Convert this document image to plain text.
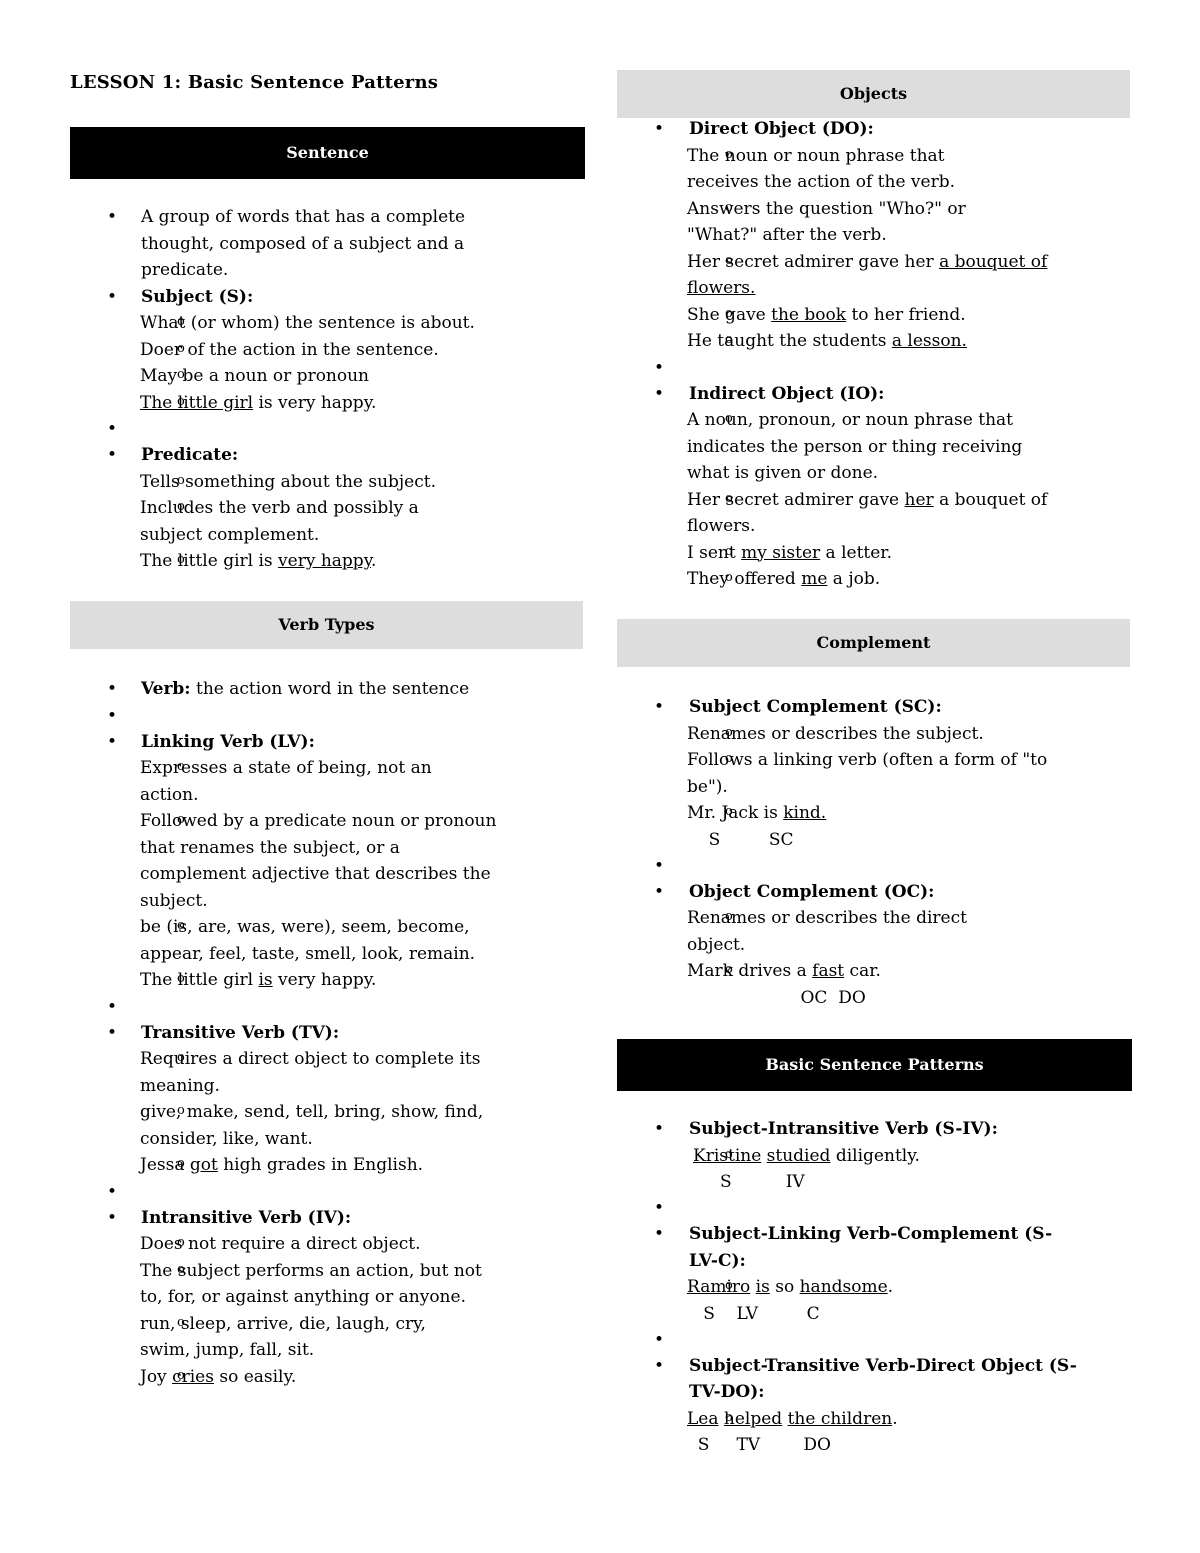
LESSON 1: Basic Sentence Patterns
Sentence
• A group of words that has a complete thought, composed of a subject and a predicate.
• Subject (S):
o What (or whom) the sentence is about.
o Doer of the action in the sentence.
o May be a noun or pronoun
o The little girl is very happy.
•
• Predicate:
o Tells something about the subject.
o Includes the verb and possibly a subject complement.
o The little girl is very happy.
Verb Types
• Verb: the action word in the sentence
•
• Linking Verb (LV):
o Expresses a state of being, not an action.
o Followed by a predicate noun or pronoun that renames the subject, or a complement adjective that describes the subject.
o be (is, are, was, were), seem, become, appear, feel, taste, smell, look, remain.
o The little girl is very happy.
•
• Transitive Verb (TV):
o Requires a direct object to complete its meaning.
o give, make, send, tell, bring, show, find, consider, like, want.
o Jessa got high grades in English.
•
• Intransitive Verb (IV):
o Does not require a direct object.
o The subject performs an action, but not to, for, or against anything or anyone.
o run, sleep, arrive, die, laugh, cry, swim, jump, fall, sit.
o Joy cries so easily.
Objects
• Direct Object (DO):
o The noun or noun phrase that receives the action of the verb.
o Answers the question "Who?" or "What?" after the verb.
o Her secret admirer gave her a bouquet of flowers.
o She gave the book to her friend.
o He taught the students a lesson.
•
• Indirect Object (IO):
o A noun, pronoun, or noun phrase that indicates the person or thing receiving what is given or done.
o Her secret admirer gave her a bouquet of flowers.
o I sent my sister a letter.
o They offered me a job.
Complement
• Subject Complement (SC):
o Renames or describes the subject.
o Follows a linking verb (often a form of "to be").
o Mr. Jack is kind.
S         SC
•
• Object Complement (OC):
o Renames or describes the direct object.
o Mark drives a fast car.
OC  DO
Basic Sentence Patterns
• Subject-Intransitive Verb (S-IV):
o Kristine studied diligently.
S          IV
•
• Subject-Linking Verb-Complement (S-LV-C):
o Ramiro is so handsome.
S    LV         C
•
• Subject-Transitive Verb-Direct Object (S-TV-DO):
o Lea helped the children.
S     TV        DO
